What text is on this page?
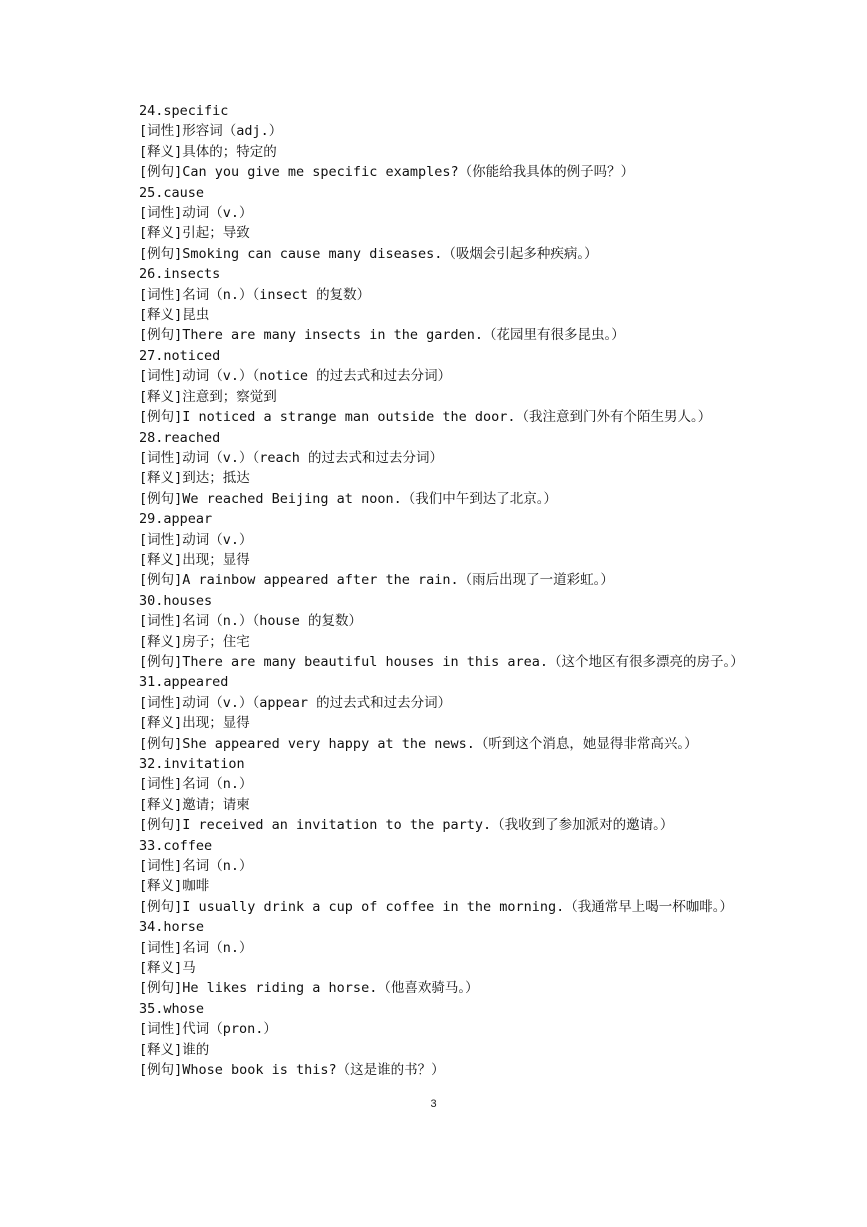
24.specific
[词性]形容词（adj.）
[释义]具体的；特定的
[例句]Can you give me specific examples?（你能给我具体的例子吗？）
25.cause
[词性]动词（v.）
[释义]引起；导致
[例句]Smoking can cause many diseases.（吸烟会引起多种疾病。）
26.insects
[词性]名词（n.）（insect 的复数）
[释义]昆虫
[例句]There are many insects in the garden.（花园里有很多昆虫。）
27.noticed
[词性]动词（v.）（notice 的过去式和过去分词）
[释义]注意到；察觉到
[例句]I noticed a strange man outside the door.（我注意到门外有个陌生男人。）
28.reached
[词性]动词（v.）（reach 的过去式和过去分词）
[释义]到达；抵达
[例句]We reached Beijing at noon.（我们中午到达了北京。）
29.appear
[词性]动词（v.）
[释义]出现；显得
[例句]A rainbow appeared after the rain.（雨后出现了一道彩虹。）
30.houses
[词性]名词（n.）（house 的复数）
[释义]房子；住宅
[例句]There are many beautiful houses in this area.（这个地区有很多漂亮的房子。）
31.appeared
[词性]动词（v.）（appear 的过去式和过去分词）
[释义]出现；显得
[例句]She appeared very happy at the news.（听到这个消息，她显得非常高兴。）
32.invitation
[词性]名词（n.）
[释义]邀请；请柬
[例句]I received an invitation to the party.（我收到了参加派对的邀请。）
33.coffee
[词性]名词（n.）
[释义]咖啡
[例句]I usually drink a cup of coffee in the morning.（我通常早上喝一杯咖啡。）
34.horse
[词性]名词（n.）
[释义]马
[例句]He likes riding a horse.（他喜欢骑马。）
35.whose
[词性]代词（pron.）
[释义]谁的
[例句]Whose book is this?（这是谁的书？）
3
